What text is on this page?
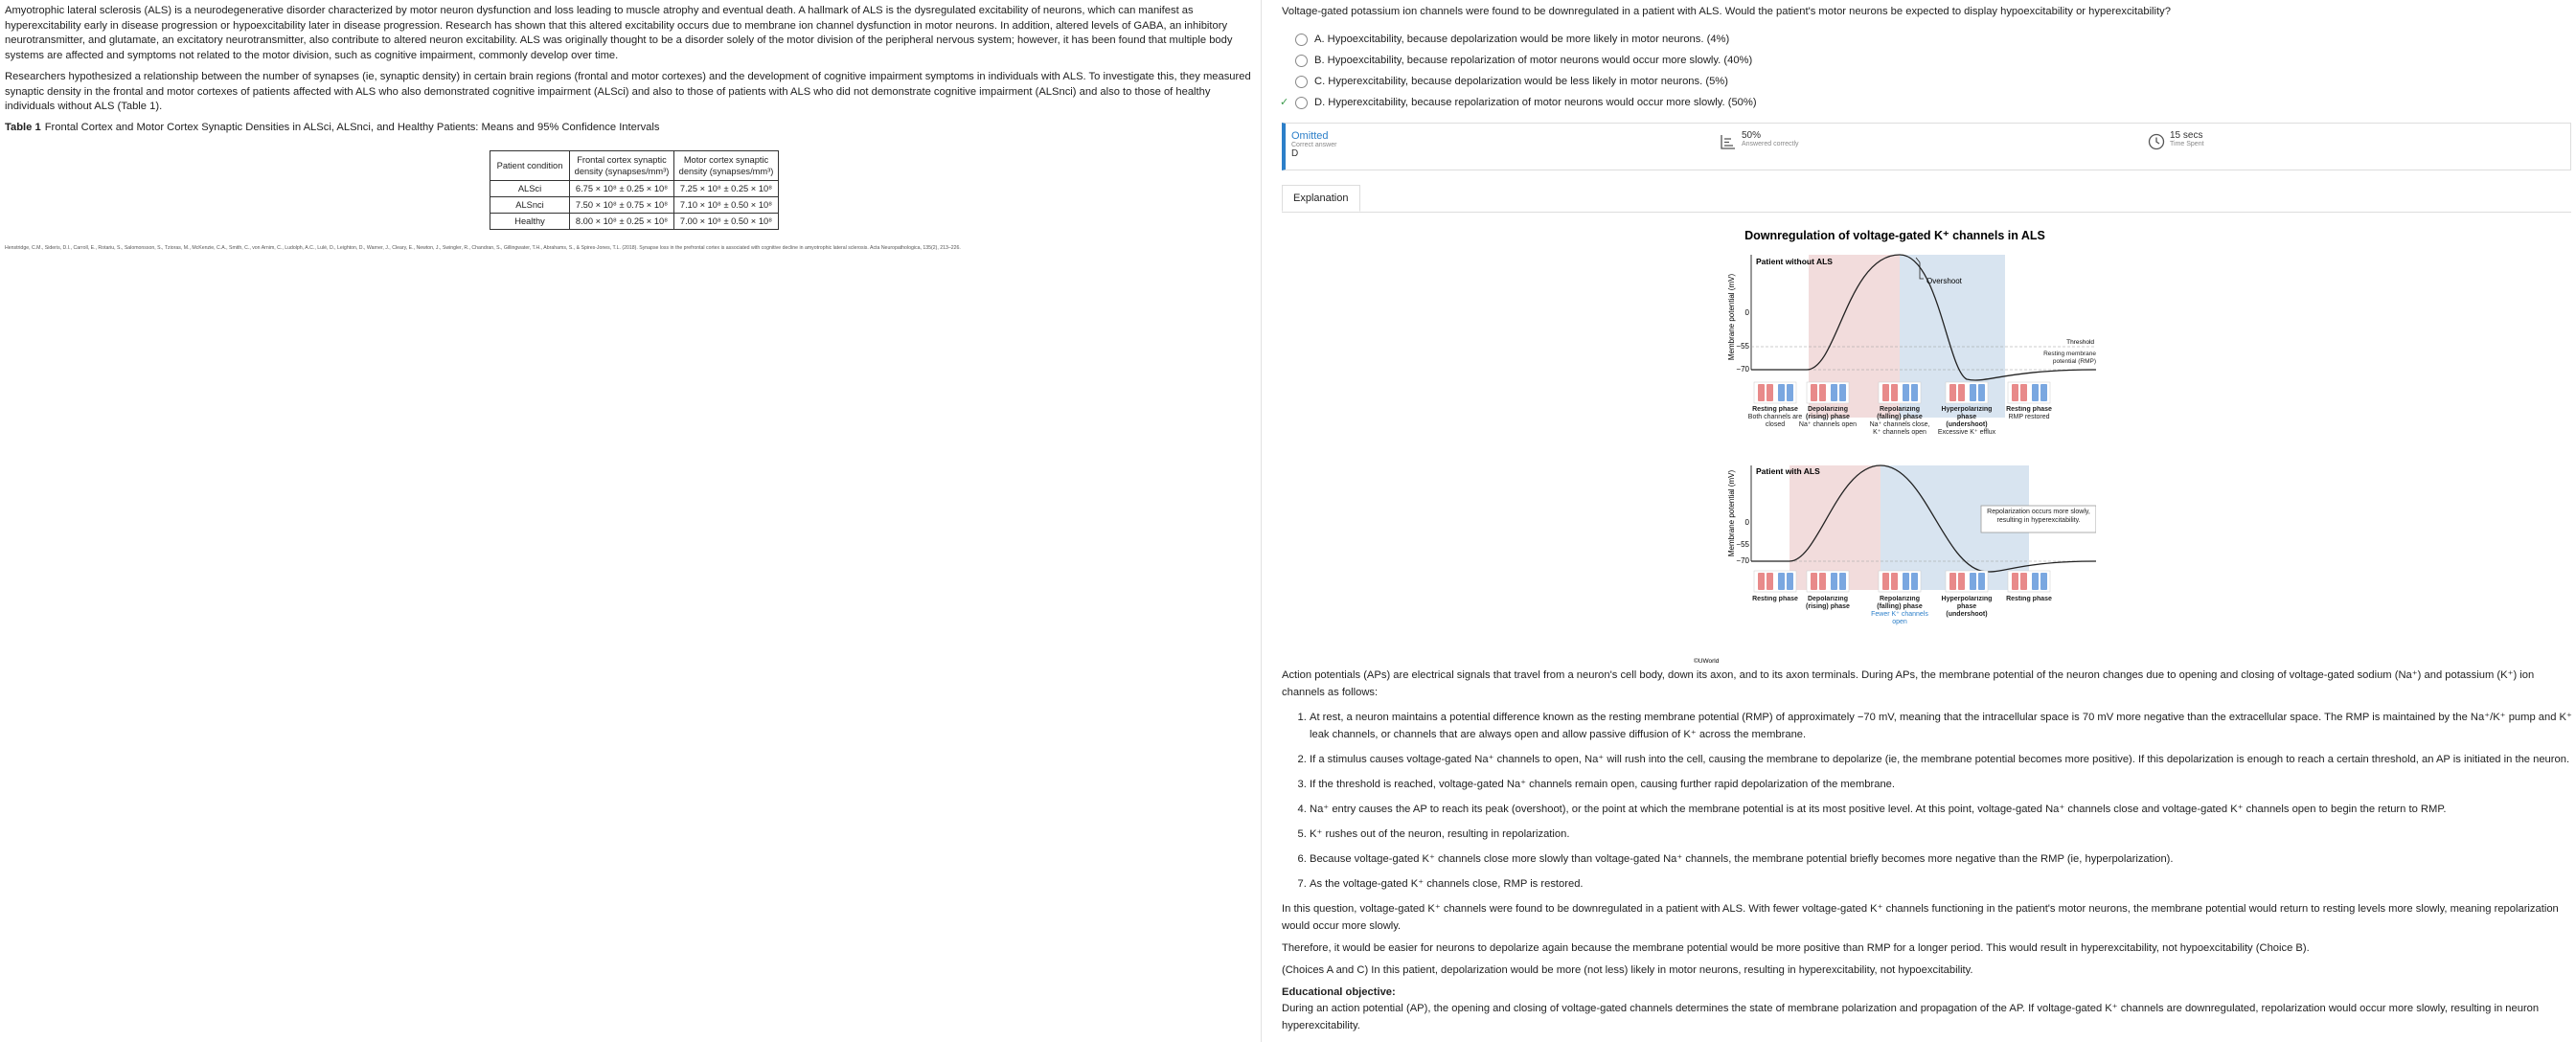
Amyotrophic lateral sclerosis (ALS) is a neurodegenerative disorder characterized by motor neuron dysfunction and loss leading to muscle atrophy and eventual death. A hallmark of ALS is the dysregulated excitability of neurons, which can manifest as hyperexcitability early in disease progression or hypoexcitability later in disease progression. Research has shown that this altered excitability occurs due to membrane ion channel dysfunction in motor neurons. In addition, altered levels of GABA, an inhibitory neurotransmitter, and glutamate, an excitatory neurotransmitter, also contribute to altered neuron excitability. ALS was originally thought to be a disorder solely of the motor division of the peripheral nervous system; however, it has been found that multiple body systems are affected and symptoms not related to the motor division, such as cognitive impairment, commonly develop over time.

Researchers hypothesized a relationship between the number of synapses (ie, synaptic density) in certain brain regions (frontal and motor cortexes) and the development of cognitive impairment symptoms in individuals with ALS. To investigate this, they measured synaptic density in the frontal and motor cortexes of patients affected with ALS who also demonstrated cognitive impairment (ALSci) and also to those of patients with ALS who did not demonstrate cognitive impairment (ALSnci) and also to those of healthy individuals without ALS (Table 1).

Table 1 Frontal Cortex and Motor Cortex Synaptic Densities in ALSci, ALSnci, and Healthy Patients: Means and 95% Confidence Intervals
Patient condition	Frontal cortex synaptic density (synapses/mm³)	Motor cortex synaptic density (synapses/mm³)
ALSci	6.75 × 10⁸ ± 0.25 × 10⁸	7.25 × 10⁸ ± 0.25 × 10⁸
ALSnci	7.50 × 10⁸ ± 0.75 × 10⁸	7.10 × 10⁸ ± 0.50 × 10⁸
Healthy	8.00 × 10⁸ ± 0.25 × 10⁸	7.00 × 10⁸ ± 0.50 × 10⁸
Henstridge, C.M., Sideris, D.I., Carroll, E., Rotariu, S., Salomonsson, S., Tzioras, M., McKenzie, C.A., Smith, C., von Arnim, C., Ludolph, A.C., Lulé, D., Leighton, D., Warner, J., Cleary, E., Newton, J., Swingler, R., Chandran, S., Gillingwater, T.H., Abrahams, S., & Spires-Jones, T.L. (2018). Synapse loss in the prefrontal cortex is associated with cognitive decline in amyotrophic lateral sclerosis. Acta Neuropathologica, 135(2), 213–226.
Voltage-gated potassium ion channels were found to be downregulated in a patient with ALS. Would the patient's motor neurons be expected to display hypoexcitability or hyperexcitability?
A. Hypoexcitability, because depolarization would be more likely in motor neurons. (4%)
B. Hypoexcitability, because repolarization of motor neurons would occur more slowly. (40%)
C. Hyperexcitability, because depolarization would be less likely in motor neurons. (5%)
✓ D. Hyperexcitability, because repolarization of motor neurons would occur more slowly. (50%)
Omitted
Correct answer
D
50%
Answered correctly
15 secs
Time Spent
Explanation
Downregulation of voltage-gated K⁺ channels in ALS
0
−55
−70
Membrane potential (mV)
Patient without ALS
Overshoot
Threshold
Resting membrane potential (RMP)
Resting phase
Both channels are closed
Depolarizing (rising) phase
Na⁺ channels open
Repolarizing (falling) phase
Na⁺ channels close, K⁺ channels open
Hyperpolarizing phase (undershoot)
Excessive K⁺ efflux
Resting phase
RMP restored
0
−55
−70
Membrane potential (mV) Patient with ALS
Repolarization occurs more slowly, resulting in hyperexcitability.
Resting phase	Depolarizing (rising) phase
Repolarizing (falling) phase
Fewer K⁺ channels open
Hyperpolarizing phase (undershoot)
Resting phase
©UWorld

Action potentials (APs) are electrical signals that travel from a neuron's cell body, down its axon, and to its axon terminals. During APs, the membrane potential of the neuron changes due to opening and closing of voltage-gated sodium (Na⁺) and potassium (K⁺) ion channels as follows:

1. At rest, a neuron maintains a potential difference known as the resting membrane potential (RMP) of approximately −70 mV, meaning that the intracellular space is 70 mV more negative than the extracellular space. The RMP is maintained by the Na⁺/K⁺ pump and K⁺ leak channels, or channels that are always open and allow passive diffusion of K⁺ across the membrane.
2. If a stimulus causes voltage-gated Na⁺ channels to open, Na⁺ will rush into the cell, causing the membrane to depolarize (ie, the membrane potential becomes more positive). If this depolarization is enough to reach a certain threshold, an AP is initiated in the neuron.
3. If the threshold is reached, voltage-gated Na⁺ channels remain open, causing further rapid depolarization of the membrane.
4. Na⁺ entry causes the AP to reach its peak (overshoot), or the point at which the membrane potential is at its most positive level. At this point, voltage-gated Na⁺ channels close and voltage-gated K⁺ channels open to begin the return to RMP.
5. K⁺ rushes out of the neuron, resulting in repolarization.
6. Because voltage-gated K⁺ channels close more slowly than voltage-gated Na⁺ channels, the membrane potential briefly becomes more negative than the RMP (ie, hyperpolarization).
7. As the voltage-gated K⁺ channels close, RMP is restored.

In this question, voltage-gated K⁺ channels were found to be downregulated in a patient with ALS. With fewer voltage-gated K⁺ channels functioning in the patient's motor neurons, the membrane potential would return to resting levels more slowly, meaning repolarization would occur more slowly.

Therefore, it would be easier for neurons to depolarize again because the membrane potential would be more positive than RMP for a longer period. This would result in hyperexcitability, not hypoexcitability (Choice B).

(Choices A and C) In this patient, depolarization would be more (not less) likely in motor neurons, resulting in hyperexcitability, not hypoexcitability.

Educational objective:

During an action potential (AP), the opening and closing of voltage-gated channels determines the state of membrane polarization and propagation of the AP. If voltage-gated K⁺ channels are downregulated, repolarization would occur more slowly, resulting in neuron hyperexcitability.
